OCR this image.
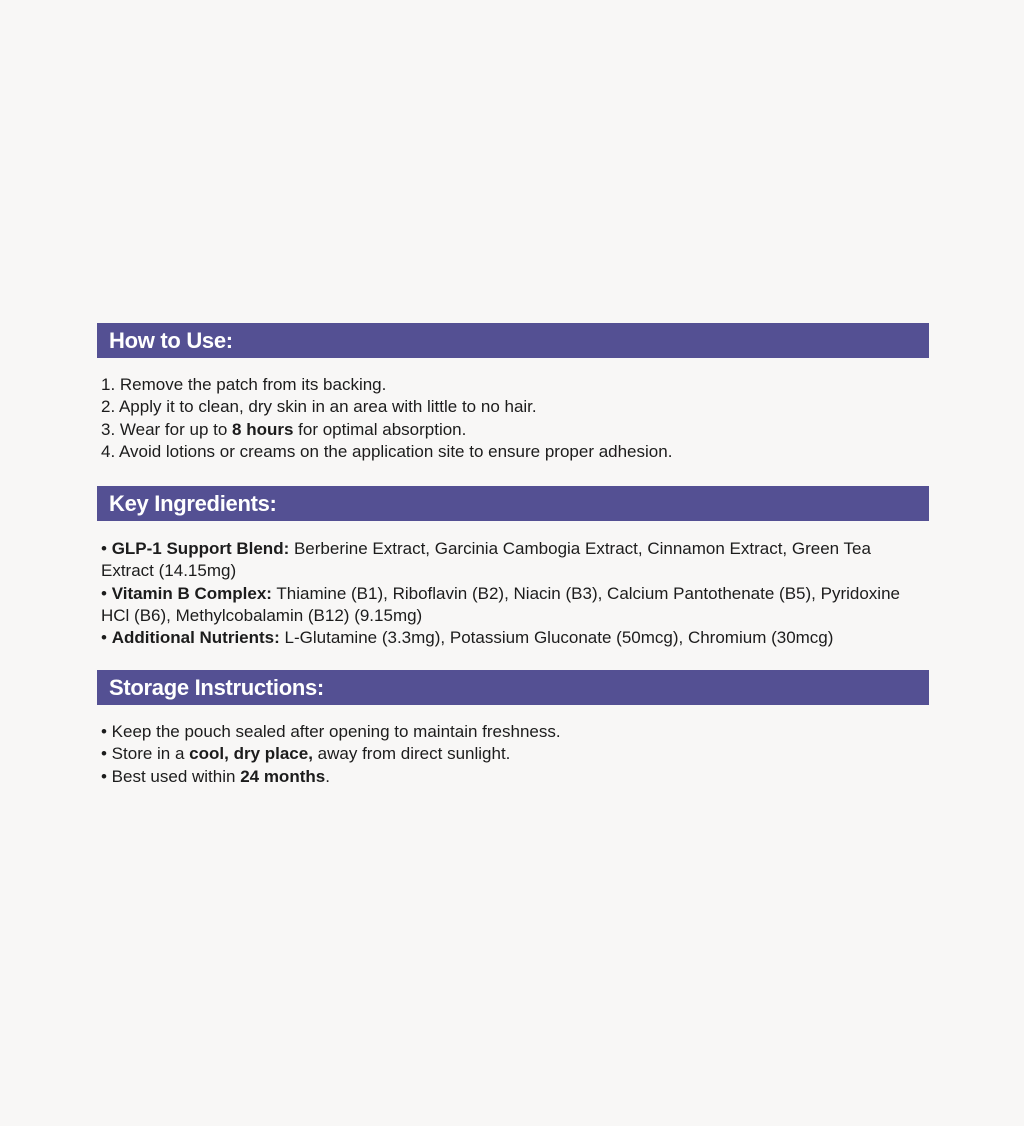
How to Use:

1. Remove the patch from its backing.

2. Apply it to clean, dry skin in an area with little to no hair.

3. Wear for up to 8 hours for optimal absorption.

4. Avoid lotions or creams on the application site to ensure proper adhesion.

Key Ingredients:

• GLP-1 Support Blend: Berberine Extract, Garcinia Cambogia Extract, Cinnamon Extract, Green Tea Extract (14.15mg)

• Vitamin B Complex: Thiamine (B1), Riboflavin (B2), Niacin (B3), Calcium Pantothenate (B5), Pyridoxine HCl (B6), Methylcobalamin (B12) (9.15mg)

• Additional Nutrients: L-Glutamine (3.3mg), Potassium Gluconate (50mcg), Chromium (30mcg)

Storage Instructions:

• Keep the pouch sealed after opening to maintain freshness.

• Store in a cool, dry place, away from direct sunlight.

• Best used within 24 months.
